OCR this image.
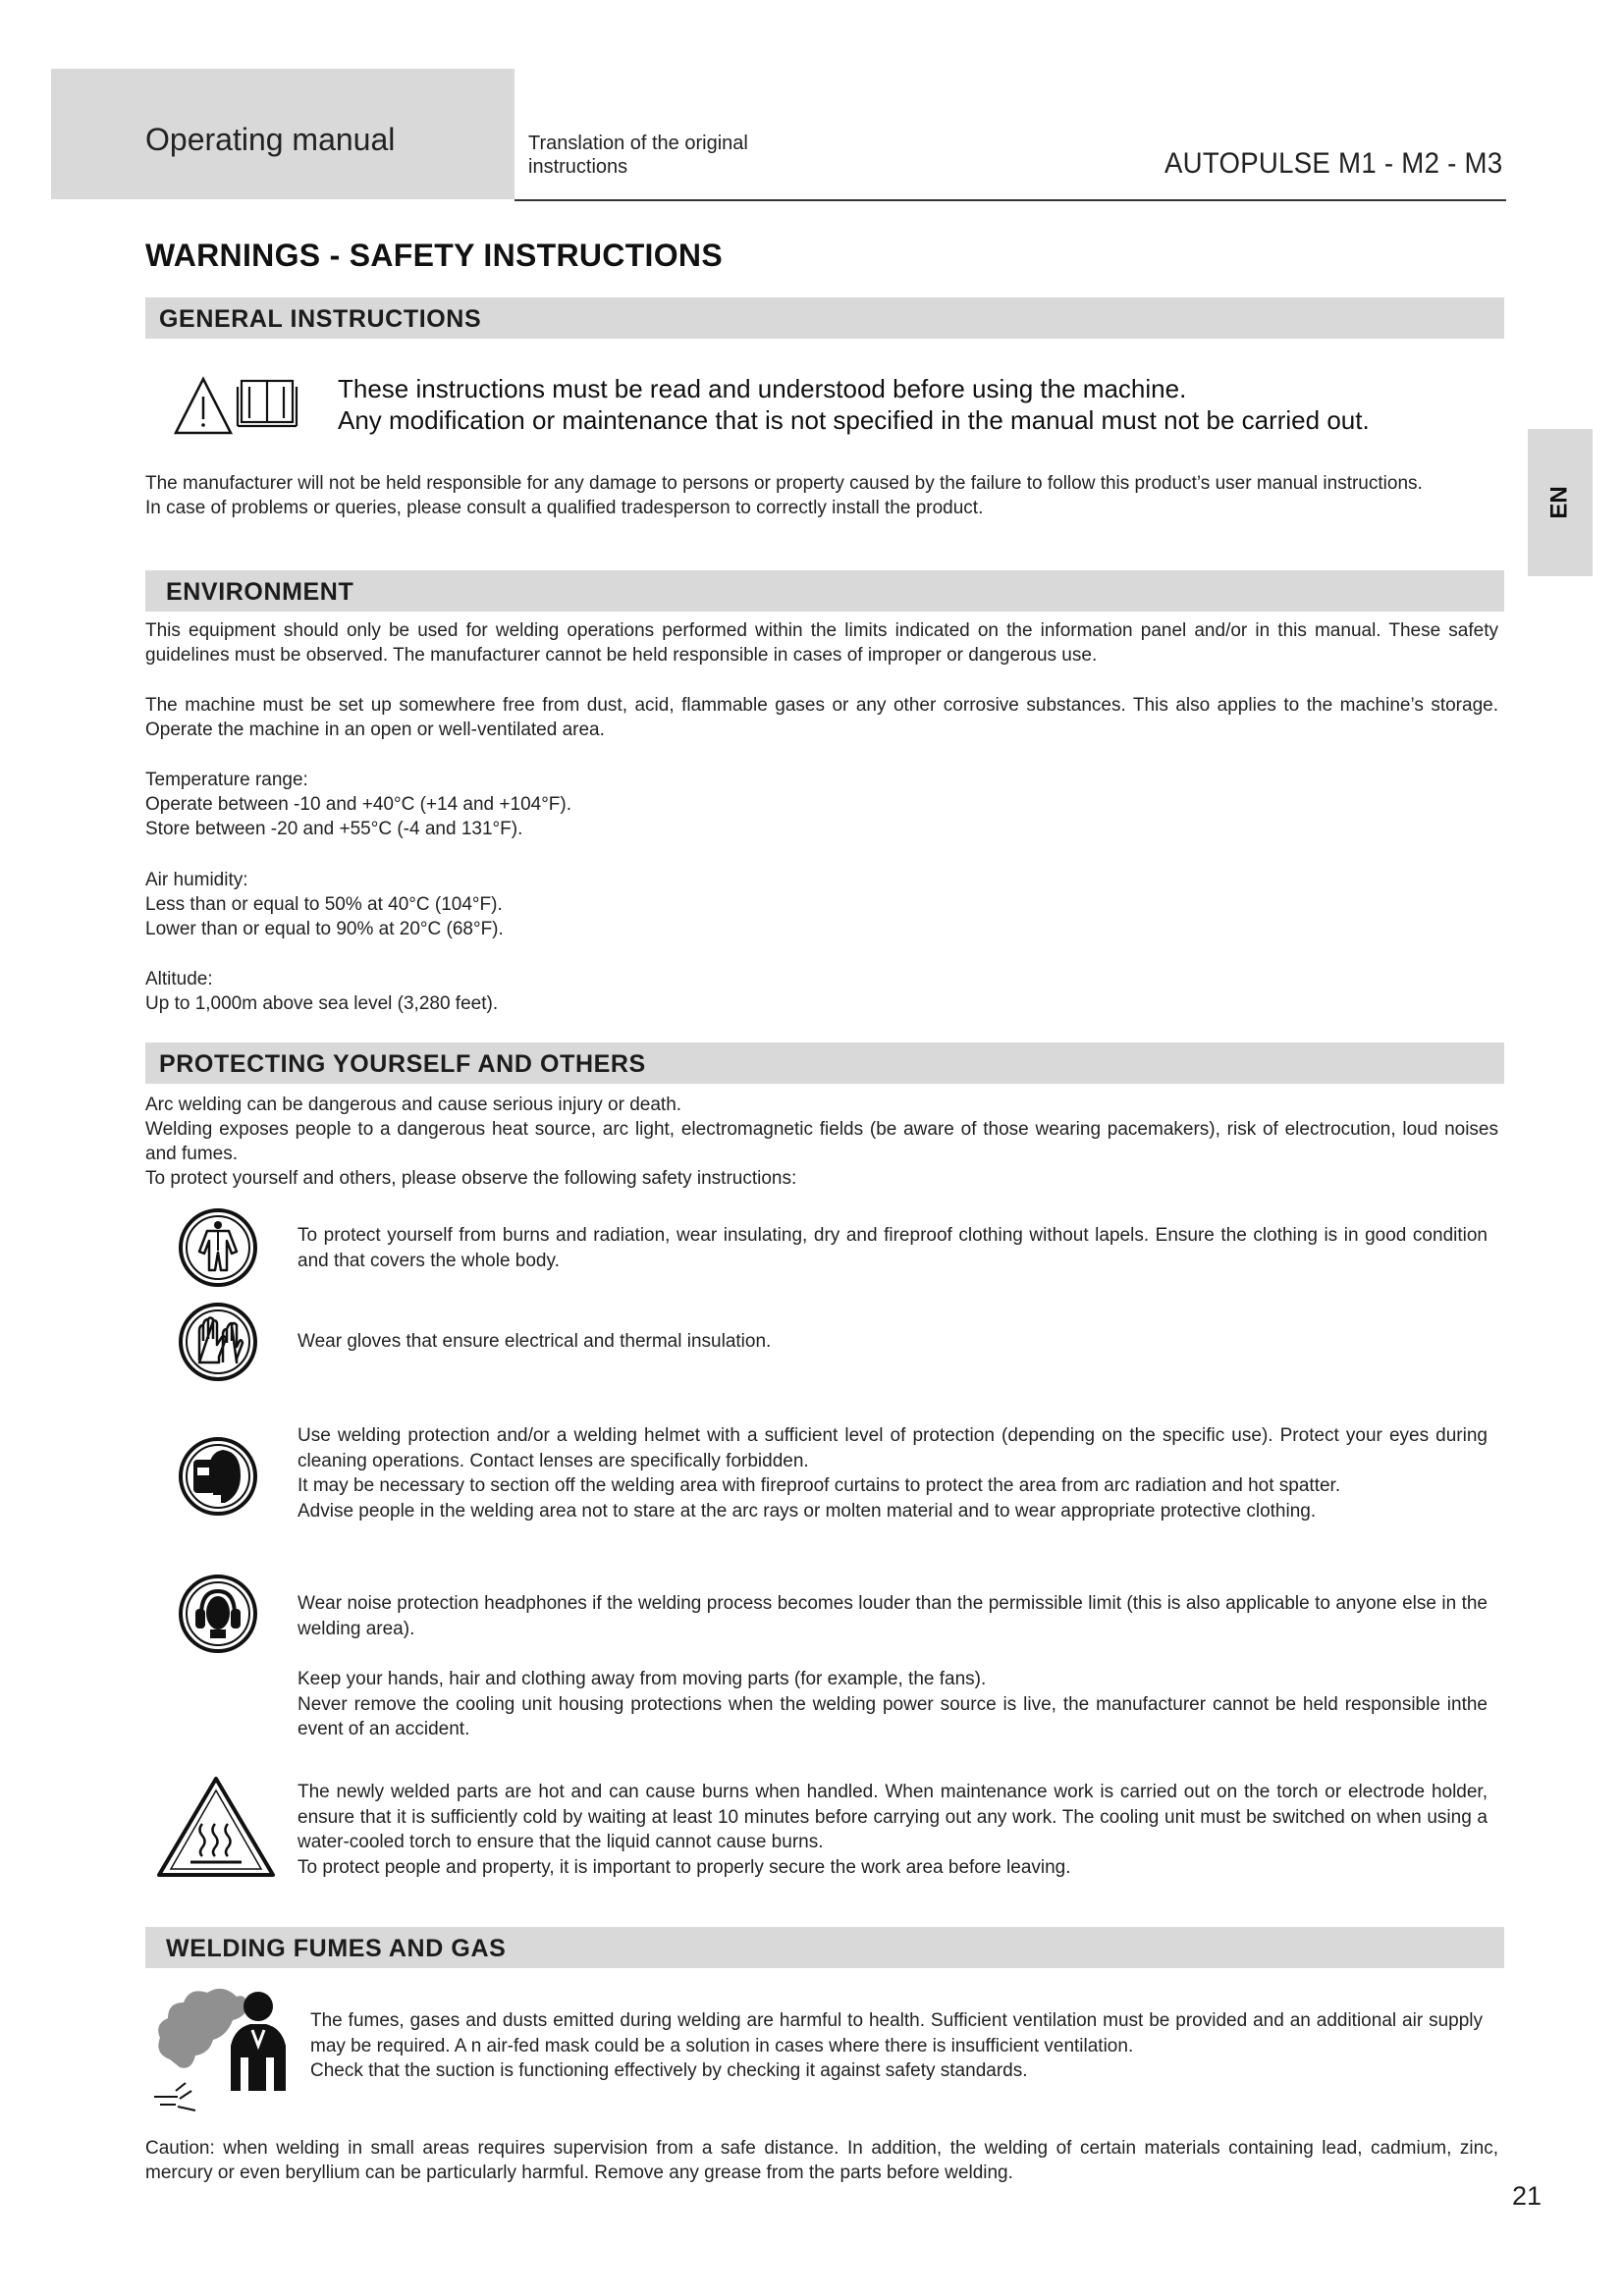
Operating manual	Translation of the original instructions	AUTOPULSE M1 - M2 - M3
EN
WARNINGS - SAFETY INSTRUCTIONS
GENERAL INSTRUCTIONS

These instructions must be read and understood before using the machine.

Any modification or maintenance that is not specified in the manual must not be carried out.

The manufacturer will not be held responsible for any damage to persons or property caused by the failure to follow this product’s user manual instructions.

In case of problems or queries, please consult a qualified tradesperson to correctly install the product.

ENVIRONMENT

This equipment should only be used for welding operations performed within the limits indicated on the information panel and/or in this manual. These safety guidelines must be observed. The manufacturer cannot be held responsible in cases of improper or dangerous use.

The machine must be set up somewhere free from dust, acid, flammable gases or any other corrosive substances. This also applies to the machine’s storage. Operate the machine in an open or well-ventilated area.

Temperature range:

Operate between -10 and +40°C (+14 and +104°F).

Store between -20 and +55°C (-4 and 131°F).

Air humidity:

Less than or equal to 50% at 40°C (104°F).

Lower than or equal to 90% at 20°C (68°F).

Altitude:

Up to 1,000m above sea level (3,280 feet).

PROTECTING YOURSELF AND OTHERS

Arc welding can be dangerous and cause serious injury or death.

Welding exposes people to a dangerous heat source, arc light, electromagnetic fields (be aware of those wearing pacemakers), risk of electrocution, loud noises and fumes.

To protect yourself and others, please observe the following safety instructions:

To protect yourself from burns and radiation, wear insulating, dry and fireproof clothing without lapels. Ensure the clothing is in good condition and that covers the whole body.
Wear gloves that ensure electrical and thermal insulation.

Use welding protection and/or a welding helmet with a sufficient level of protection (depending on the specific use). Protect your eyes during cleaning operations. Contact lenses are specifically forbidden.

It may be necessary to section off the welding area with fireproof curtains to protect the area from arc radiation and hot spatter.

Advise people in the welding area not to stare at the arc rays or molten material and to wear appropriate protective clothing.

Wear noise protection headphones if the welding process becomes louder than the permissible limit (this is also applicable to anyone else in the welding area).

Keep your hands, hair and clothing away from moving parts (for example, the fans).

Never remove the cooling unit housing protections when the welding power source is live, the manufacturer cannot be held responsible inthe event of an accident.

The newly welded parts are hot and can cause burns when handled. When maintenance work is carried out on the torch or electrode holder, ensure that it is sufficiently cold by waiting at least 10 minutes before carrying out any work. The cooling unit must be switched on when using a water-cooled torch to ensure that the liquid cannot cause burns.

To protect people and property, it is important to properly secure the work area before leaving.

WELDING FUMES AND GAS

The fumes, gases and dusts emitted during welding are harmful to health. Sufficient ventilation must be provided and an additional air supply may be required. A n air-fed mask could be a solution in cases where there is insufficient ventilation.

Check that the suction is functioning effectively by checking it against safety standards.

Caution: when welding in small areas requires supervision from a safe distance. In addition, the welding of certain materials containing lead, cadmium, zinc, mercury or even beryllium can be particularly harmful. Remove any grease from the parts before welding.

21
